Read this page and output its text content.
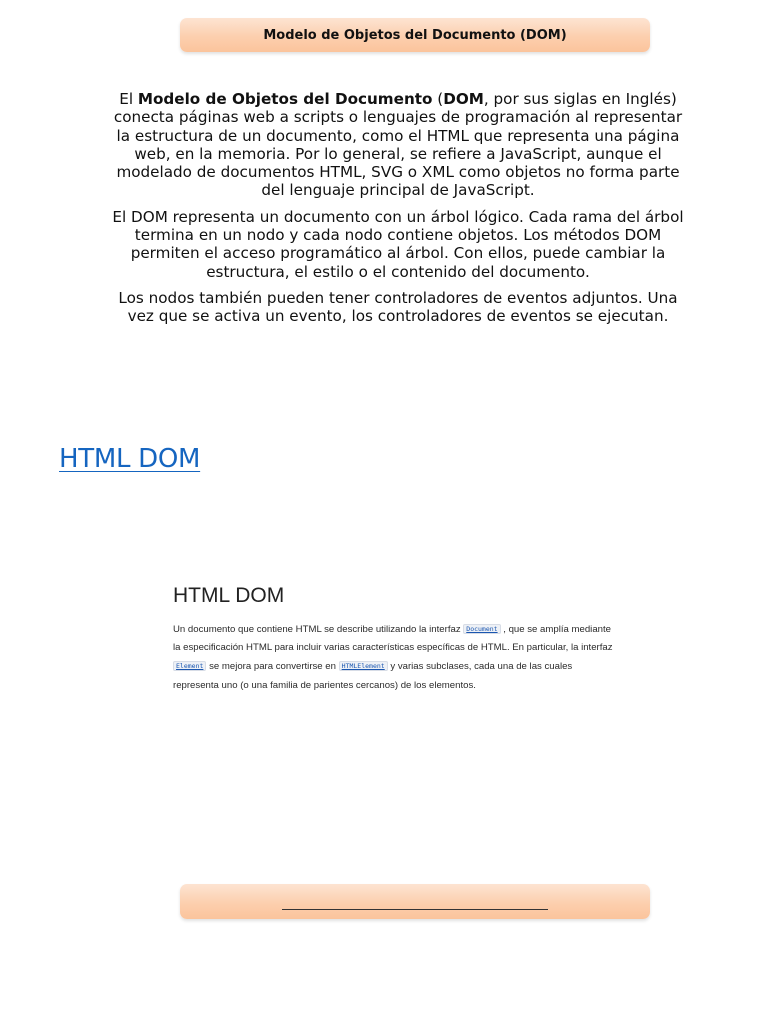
Modelo de Objetos del Documento (DOM)

El Modelo de Objetos del Documento (DOM, por sus siglas en Inglés) conecta páginas web a scripts o lenguajes de programación al representar la estructura de un documento, como el HTML que representa una página web, en la memoria. Por lo general, se refiere a JavaScript, aunque el modelado de documentos HTML, SVG o XML como objetos no forma parte del lenguaje principal de JavaScript.

El DOM representa un documento con un árbol lógico. Cada rama del árbol termina en un nodo y cada nodo contiene objetos. Los métodos DOM permiten el acceso programático al árbol. Con ellos, puede cambiar la estructura, el estilo o el contenido del documento.

Los nodos también pueden tener controladores de eventos adjuntos. Una vez que se activa un evento, los controladores de eventos se ejecutan.

HTML DOM
HTML DOM
Un documento que contiene HTML se describe utilizando la interfaz Document , que se amplía mediante la especificación HTML para incluir varias características específicas de HTML. En particular, la interfaz Element se mejora para convertirse en HTMLElement y varias subclases, cada una de las cuales representa uno (o una familia de parientes cercanos) de los elementos.
